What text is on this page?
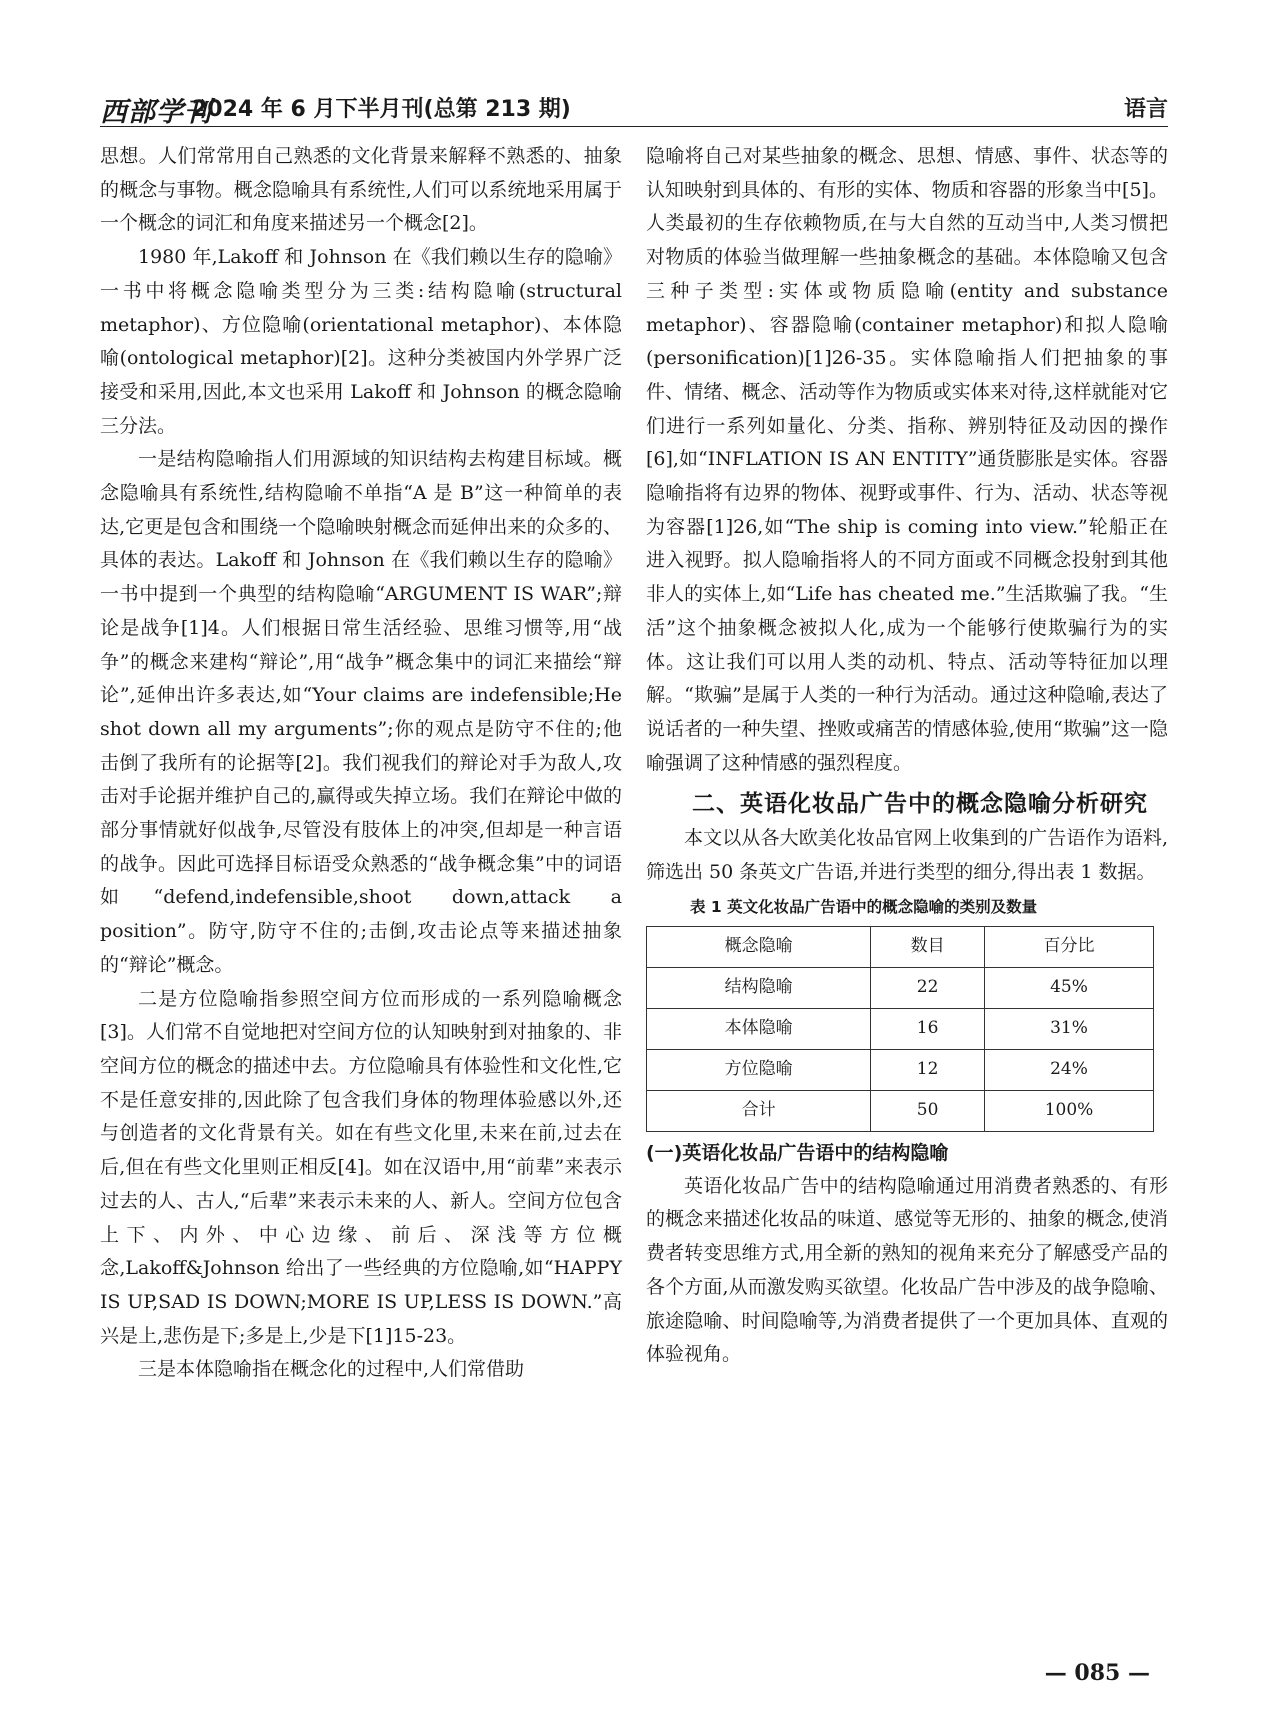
西部学刊
2024 年 6 月下半月刊(总第 213 期)	语言

思想。人们常常用自己熟悉的文化背景来解释不熟悉的、抽象的概念与事物。概念隐喻具有系统性,人们可以系统地采用属于一个概念的词汇和角度来描述另一个概念[2]。

1980 年,Lakoff 和 Johnson 在《我们赖以生存的隐喻》一书中将概念隐喻类型分为三类:结构隐喻(structural metaphor)、方位隐喻(orientational metaphor)、本体隐喻(ontological metaphor)[2]。这种分类被国内外学界广泛接受和采用,因此,本文也采用 Lakoff 和 Johnson 的概念隐喻三分法。

一是结构隐喻指人们用源域的知识结构去构建目标域。概念隐喻具有系统性,结构隐喻不单指“A 是 B”这一种简单的表达,它更是包含和围绕一个隐喻映射概念而延伸出来的众多的、具体的表达。Lakoff 和 Johnson 在《我们赖以生存的隐喻》一书中提到一个典型的结构隐喻“ARGUMENT IS WAR”;辩论是战争[1]4。人们根据日常生活经验、思维习惯等,用“战争”的概念来建构“辩论”,用“战争”概念集中的词汇来描绘“辩论”,延伸出许多表达,如“Your claims are indefensible;He shot down all my arguments”;你的观点是防守不住的;他击倒了我所有的论据等[2]。我们视我们的辩论对手为敌人,攻击对手论据并维护自己的,赢得或失掉立场。我们在辩论中做的部分事情就好似战争,尽管没有肢体上的冲突,但却是一种言语的战争。因此可选择目标语受众熟悉的“战争概念集”中的词语如“defend,indefensible,shoot down,attack a position”。防守,防守不住的;击倒,攻击论点等来描述抽象的“辩论”概念。

二是方位隐喻指参照空间方位而形成的一系列隐喻概念[3]。人们常不自觉地把对空间方位的认知映射到对抽象的、非空间方位的概念的描述中去。方位隐喻具有体验性和文化性,它不是任意安排的,因此除了包含我们身体的物理体验感以外,还与创造者的文化背景有关。如在有些文化里,未来在前,过去在后,但在有些文化里则正相反[4]。如在汉语中,用“前辈”来表示过去的人、古人,“后辈”来表示未来的人、新人。空间方位包含上下、内外、中心边缘、前后、深浅等方位概念,Lakoff&Johnson 给出了一些经典的方位隐喻,如“HAPPY IS UP,SAD IS DOWN;MORE IS UP,LESS IS DOWN.”高兴是上,悲伤是下;多是上,少是下[1]15-23。

三是本体隐喻指在概念化的过程中,人们常借助

隐喻将自己对某些抽象的概念、思想、情感、事件、状态等的认知映射到具体的、有形的实体、物质和容器的形象当中[5]。人类最初的生存依赖物质,在与大自然的互动当中,人类习惯把对物质的体验当做理解一些抽象概念的基础。本体隐喻又包含三种子类型:实体或物质隐喻(entity and substance metaphor)、容器隐喻(container metaphor)和拟人隐喻(personification)[1]26-35。实体隐喻指人们把抽象的事件、情绪、概念、活动等作为物质或实体来对待,这样就能对它们进行一系列如量化、分类、指称、辨别特征及动因的操作[6],如“INFLATION IS AN ENTITY”通货膨胀是实体。容器隐喻指将有边界的物体、视野或事件、行为、活动、状态等视为容器[1]26,如“The ship is coming into view.”轮船正在进入视野。拟人隐喻指将人的不同方面或不同概念投射到其他非人的实体上,如“Life has cheated me.”生活欺骗了我。“生活”这个抽象概念被拟人化,成为一个能够行使欺骗行为的实体。这让我们可以用人类的动机、特点、活动等特征加以理解。“欺骗”是属于人类的一种行为活动。通过这种隐喻,表达了说话者的一种失望、挫败或痛苦的情感体验,使用“欺骗”这一隐喻强调了这种情感的强烈程度。

二、英语化妆品广告中的概念隐喻分析研究

本文以从各大欧美化妆品官网上收集到的广告语作为语料,筛选出 50 条英文广告语,并进行类型的细分,得出表 1 数据。

表 1 英文化妆品广告语中的概念隐喻的类别及数量
概念隐喻	数目	百分比
结构隐喻	22	45%
本体隐喻	16	31%
方位隐喻	12	24%
合计	50	100%
(一)英语化妆品广告语中的结构隐喻

英语化妆品广告中的结构隐喻通过用消费者熟悉的、有形的概念来描述化妆品的味道、感觉等无形的、抽象的概念,使消费者转变思维方式,用全新的熟知的视角来充分了解感受产品的各个方面,从而激发购买欲望。化妆品广告中涉及的战争隐喻、旅途隐喻、时间隐喻等,为消费者提供了一个更加具体、直观的体验视角。

— 085 —
